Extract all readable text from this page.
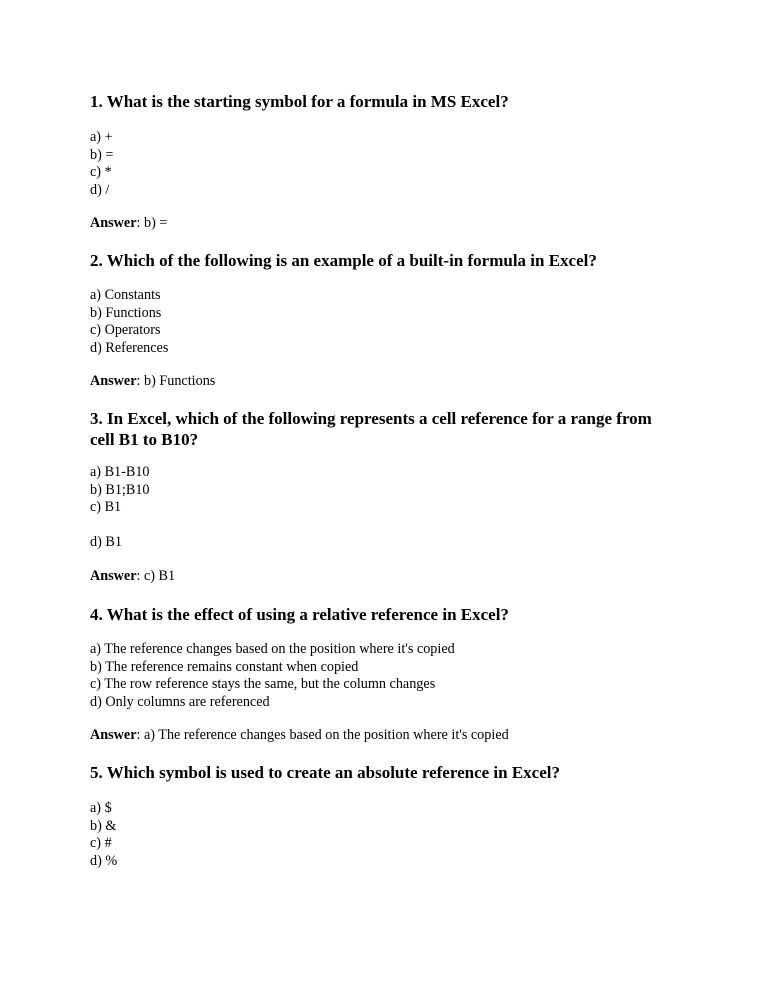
1. What is the starting symbol for a formula in MS Excel?
a) +
b) =
c) *
d) /

Answer: b) =

2. Which of the following is an example of a built-in formula in Excel?
a) Constants
b) Functions
c) Operators
d) References

Answer: b) Functions

3. In Excel, which of the following represents a cell reference for a range from cell B1 to B10?
a) B1-B10
b) B1;B10
c) B1
d) B1

Answer: c) B1

4. What is the effect of using a relative reference in Excel?
a) The reference changes based on the position where it's copied
b) The reference remains constant when copied
c) The row reference stays the same, but the column changes
d) Only columns are referenced

Answer: a) The reference changes based on the position where it's copied

5. Which symbol is used to create an absolute reference in Excel?
a) $
b) &
c) #
d) %
